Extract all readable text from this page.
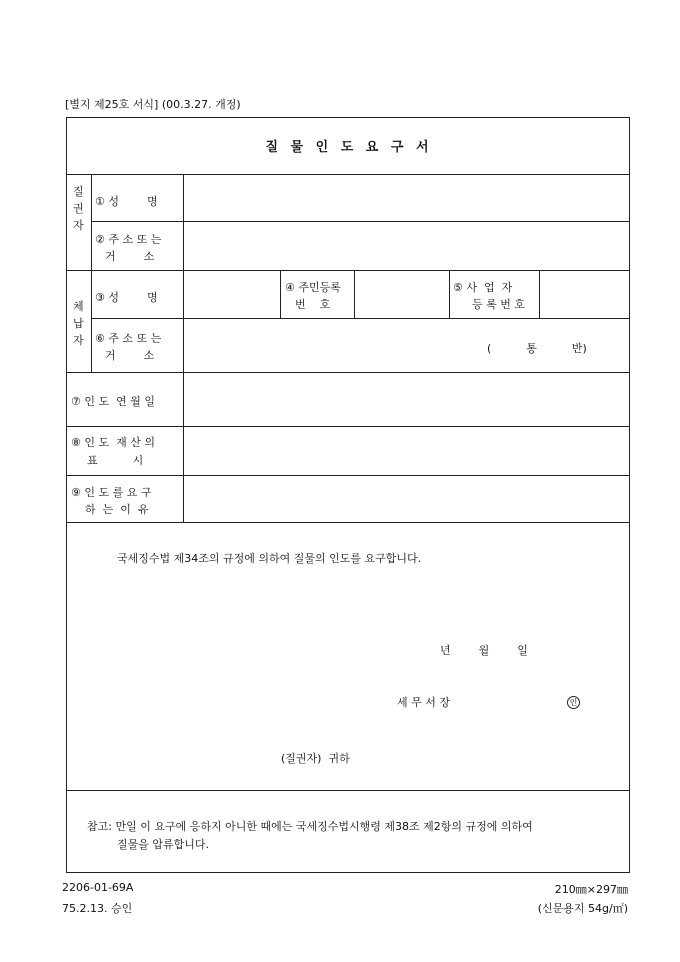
[별지 제25호 서식] (00.3.27. 개정)
질 물 인 도 요 구 서
질
권
자
① 성        명
② 주 소 또 는
거        소
체
납
자
③ 성        명
④ 주민등록
번    호
⑤ 사  업  자
등 록 번 호
⑥ 주 소 또 는
거        소
(          통          반)
⑦ 인 도  연 월 일
⑧ 인 도  재 산 의
표          시
⑨ 인 도 를 요 구
하  는  이  유
국세징수법 제34조의 규정에 의하여 질물의 인도를 요구합니다.
년        월        일
세 무 서 장	인
(질권자)  귀하
참고: 만일 이 요구에 응하지 아니한 때에는 국세징수법시행령 제38조 제2항의 규정에 의하여
질물을 압류합니다.
2206-01-69A
75.2.13. 승인
210㎜×297㎜
(신문용지 54g/㎡)
